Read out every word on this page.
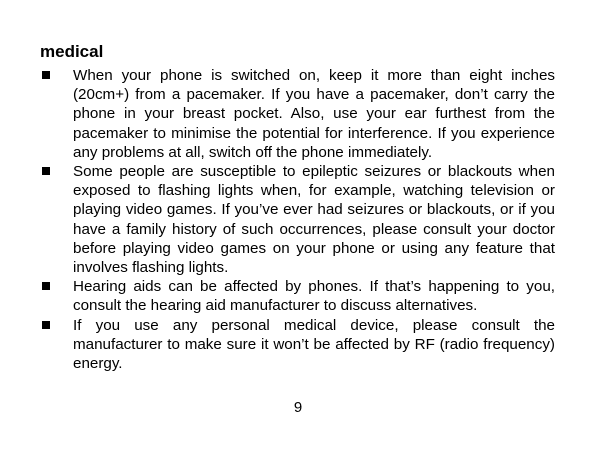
medical
When your phone is switched on, keep it more than eight inches (20cm+) from a pacemaker. If you have a pacemaker, don’t carry the phone in your breast pocket. Also, use your ear furthest from the pacemaker to minimise the potential for interference. If you experience any problems at all, switch off the phone immediately.
Some people are susceptible to epileptic seizures or blackouts when exposed to flashing lights when, for example, watching television or playing video games. If you’ve ever had seizures or blackouts, or if you have a family history of such occurrences, please consult your doctor before playing video games on your phone or using any feature that involves flashing lights.
Hearing aids can be affected by phones. If that’s happening to you, consult the hearing aid manufacturer to discuss alternatives.
If you use any personal medical device, please consult the manufacturer to make sure it won’t be affected by RF (radio frequency) energy.
9
